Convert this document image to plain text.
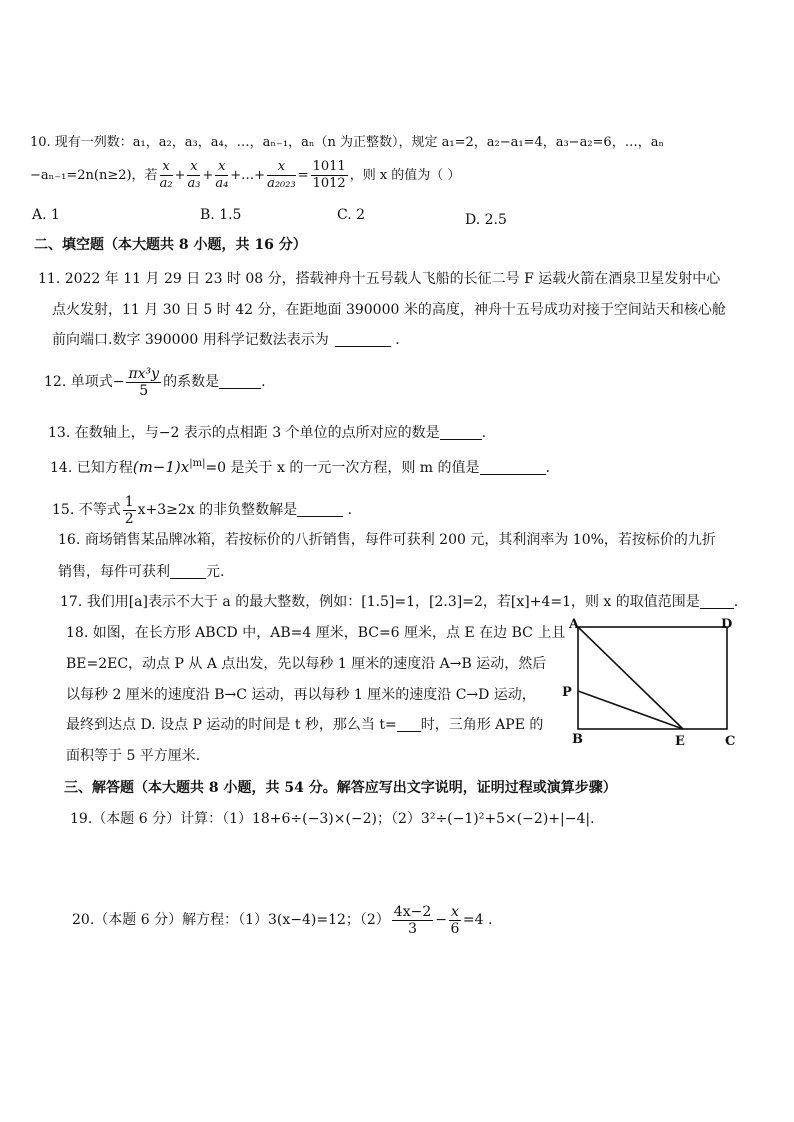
10. 现有一列数：a₁，a₂，a₃，a₄，…，aₙ₋₁，aₙ（n 为正整数），规定 a₁=2，a₂−a₁=4，a₃−a₂=6，…，aₙ
−aₙ₋₁=2n(n≥2)，若 $\frac{x}{\text{a₂}} + \frac{x}{\text{a₃}} + \frac{x}{\text{a₄}}$ +…+ $\frac{x}{\text{a₂₀₂₃}} = \frac{1011}{1012}$ ，则 x 的值为（ ）
A. 1	B. 1.5	C. 2	D. 2.5
二、填空题（本大题共 8 小题，共 16 分）
11. 2022 年 11 月 29 日 23 时 08 分，搭载神舟十五号载人飞船的长征二号 F 运载火箭在酒泉卫星发射中心
点火发射，11 月 30 日 5 时 42 分，在距地面 390000 米的高度，神舟十五号成功对接于空间站天和核心舱
前向端口.数字 390000 用科学记数法表示为	.
12. 单项式− $\frac{\text{πx³y}}{5}$ 的系数是	.
13. 在数轴上，与−2 表示的点相距 3 个单位的点所对应的数是	.
14. 已知方程$(m-1)x^{|m|}=0$ 是关于 x 的一元一次方程，则 m 的值是	.
15. 不等式 $\frac{1}{2} x+3\ge 2x$ 的非负整数解是	.
16. 商场销售某品牌冰箱，若按标价的八折销售，每件可获利 200 元，其利润率为 10%，若按标价的九折
销售，每件可获利	元.
17. 我们用[a]表示不大于 a 的最大整数，例如：[1.5]=1，[2.3]=2，若[x]+4=1，则 x 的取值范围是 .
18. 如图，在长方形 ABCD 中，AB=4 厘米，BC=6 厘米，点 E 在边 BC 上且
BE=2EC，动点 P 从 A 点出发，先以每秒 1 厘米的速度沿 A→B 运动，然后
以每秒 2 厘米的速度沿 B→C 运动，再以每秒 1 厘米的速度沿 C→D 运动，
最终到达点 D. 设点 P 运动的时间是 t 秒，那么当 t= 时，三角形 APE 的
面积等于 5 平方厘米.
A	D
P
B	E	C
三、解答题（本大题共 8 小题，共 54 分。解答应写出文字说明，证明过程或演算步骤）
19.（本题 6 分）计算：（1）18+6÷(−3)×(−2)；（2）3²÷(−1)²+5×(−2)+|−4|.
20.（本题 6 分）解方程：（1）3(x−4)=12；$(2) \frac{4x-2}{3} - \frac{x}{6} =4$ .
